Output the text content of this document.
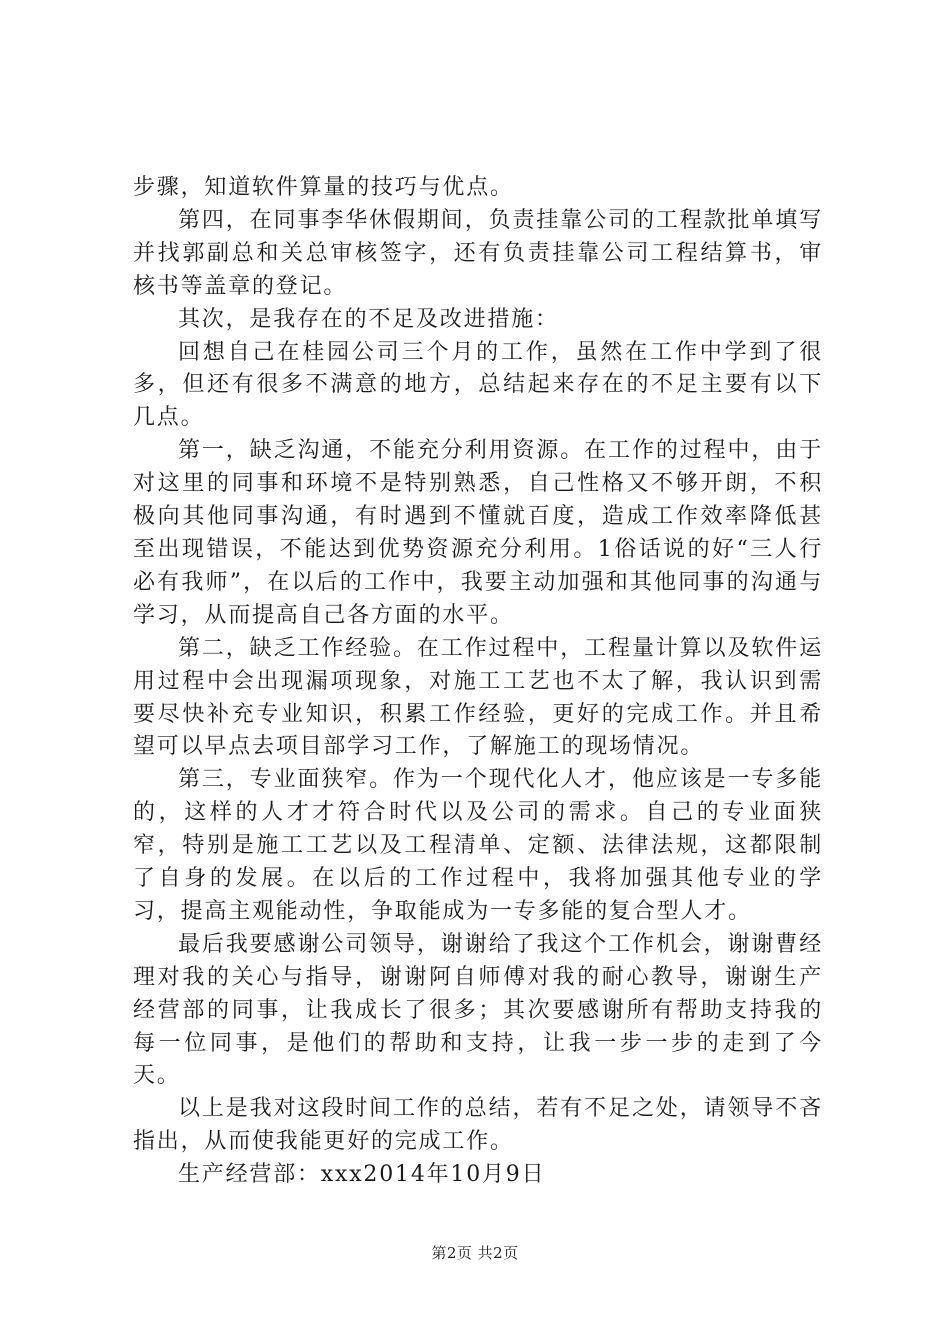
步骤，知道软件算量的技巧与优点。

第四，在同事李华休假期间，负责挂靠公司的工程款批单填写并找郭副总和关总审核签字，还有负责挂靠公司工程结算书，审核书等盖章的登记。

其次，是我存在的不足及改进措施：

回想自己在桂园公司三个月的工作，虽然在工作中学到了很多，但还有很多不满意的地方，总结起来存在的不足主要有以下几点。

第一，缺乏沟通，不能充分利用资源。在工作的过程中，由于对这里的同事和环境不是特别熟悉，自己性格又不够开朗，不积极向其他同事沟通，有时遇到不懂就百度，造成工作效率降低甚至出现错误，不能达到优势资源充分利用。1俗话说的好“三人行必有我师”，在以后的工作中，我要主动加强和其他同事的沟通与学习，从而提高自己各方面的水平。

第二，缺乏工作经验。在工作过程中，工程量计算以及软件运用过程中会出现漏项现象，对施工工艺也不太了解，我认识到需要尽快补充专业知识，积累工作经验，更好的完成工作。并且希望可以早点去项目部学习工作，了解施工的现场情况。

第三，专业面狭窄。作为一个现代化人才，他应该是一专多能的，这样的人才才符合时代以及公司的需求。自己的专业面狭窄，特别是施工工艺以及工程清单、定额、法律法规，这都限制了自身的发展。在以后的工作过程中，我将加强其他专业的学习，提高主观能动性，争取能成为一专多能的复合型人才。

最后我要感谢公司领导，谢谢给了我这个工作机会，谢谢曹经理对我的关心与指导，谢谢阿自师傅对我的耐心教导，谢谢生产经营部的同事，让我成长了很多；其次要感谢所有帮助支持我的每一位同事，是他们的帮助和支持，让我一步一步的走到了今天。

以上是我对这段时间工作的总结，若有不足之处，请领导不吝指出，从而使我能更好的完成工作。

生产经营部：xxx2014年10月9日

第2页 共2页
